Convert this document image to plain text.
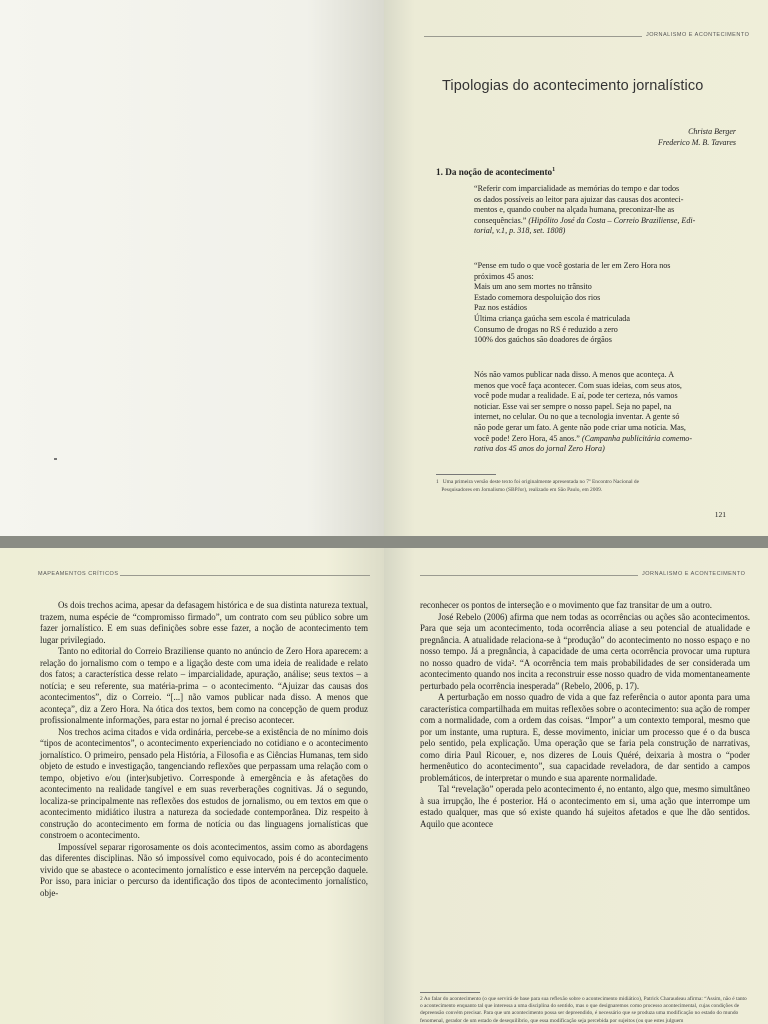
JORNALISMO E ACONTECIMENTO
Tipologias do acontecimento jornalístico
Christa Berger
Frederico M. B. Tavares
1. Da noção de acontecimento$^1$
“Referir com imparcialidade as memórias do tempo e dar todos
os dados possíveis ao leitor para ajuizar das causas dos aconteci-
mentos e, quando couber na alçada humana, preconizar-lhe as
consequências.” (Hipólito José da Costa – Correio Braziliense, Edi-
torial, v.1, p. 318, set. 1808)
“Pense em tudo o que você gostaria de ler em Zero Hora nos
próximos 45 anos:
Mais um ano sem mortes no trânsito
Estado comemora despoluição dos rios
Paz nos estádios
Última criança gaúcha sem escola é matriculada
Consumo de drogas no RS é reduzido a zero
100% dos gaúchos são doadores de órgãos
Nós não vamos publicar nada disso. A menos que aconteça. A
menos que você faça acontecer. Com suas ideias, com seus atos,
você pode mudar a realidade. E aí, pode ter certeza, nós vamos
noticiar. Esse vai ser sempre o nosso papel. Seja no papel, na
internet, no celular. Ou no que a tecnologia inventar. A gente só
não pode gerar um fato. A gente não pode criar uma notícia. Mas,
você pode! Zero Hora, 45 anos.” (Campanha publicitária comemo-
rativa dos 45 anos do jornal Zero Hora)
1   Uma primeira versão deste texto foi originalmente apresentada no 7º Encontro Nacional de
Pesquisadores em Jornalismo (SBPJor), realizado em São Paulo, em 2009.
121
MAPEAMENTOS CRÍTICOS

Os dois trechos acima, apesar da defasagem histórica e de sua distinta natureza textual, trazem, numa espécie de “compromisso firmado”, um contrato com seu público sobre um fazer jornalístico. E em suas definições sobre esse fazer, a noção de acontecimento tem lugar privilegiado.

Tanto no editorial do Correio Braziliense quanto no anúncio de Zero Hora aparecem: a relação do jornalismo com o tempo e a ligação deste com uma ideia de realidade e relato dos fatos; a característica desse relato – imparcialidade, apuração, análise; seus textos – a notícia; e seu referente, sua matéria-prima – o acontecimento. “Ajuizar das causas dos acontecimentos”, diz o Correio. “[...] não vamos publicar nada disso. A menos que aconteça”, diz a Zero Hora. Na ótica dos textos, bem como na concepção de quem produz profissionalmente informações, para estar no jornal é preciso acontecer.

Nos trechos acima citados e vida ordinária, percebe-se a existência de no mínimo dois “tipos de acontecimentos”, o acontecimento experienciado no cotidiano e o acontecimento jornalístico. O primeiro, pensado pela História, a Filosofia e as Ciências Humanas, tem sido objeto de estudo e investigação, tangenciando reflexões que perpassam uma relação com o tempo, objetivo e/ou (inter)subjetivo. Corresponde à emergência e às afetações do acontecimento na realidade tangível e em suas reverberações cognitivas. Já o segundo, localiza-se principalmente nas reflexões dos estudos de jornalismo, ou em textos em que o acontecimento midiático ilustra a natureza da sociedade contemporânea. Diz respeito à construção do acontecimento em forma de notícia ou das linguagens jornalísticas que constroem o acontecimento.

Impossível separar rigorosamente os dois acontecimentos, assim como as abordagens das diferentes disciplinas. Não só impossível como equivocado, pois é do acontecimento vivido que se abastece o acontecimento jornalístico e esse intervém na percepção daquele. Por isso, para iniciar o percurso da identificação dos tipos de acontecimento jornalístico, obje-

JORNALISMO E ACONTECIMENTO

reconhecer os pontos de interseção e o movimento que faz transitar de um a outro.

José Rebelo (2006) afirma que nem todas as ocorrências ou ações são acontecimentos. Para que seja um acontecimento, toda ocorrência aliase a seu potencial de atualidade e pregnância. A atualidade relaciona-se à “produção” do acontecimento no nosso espaço e no nosso tempo. Já a pregnância, à capacidade de uma certa ocorrência provocar uma ruptura no nosso quadro de vida². “A ocorrência tem mais probabilidades de ser considerada um acontecimento quando nos incita a reconstruir esse nosso quadro de vida momentaneamente perturbado pela ocorrência inesperada” (Rebelo, 2006, p. 17).

A perturbação em nosso quadro de vida a que faz referência o autor aponta para uma característica compartilhada em muitas reflexões sobre o acontecimento: sua ação de romper com a normalidade, com a ordem das coisas. “Impor” a um contexto temporal, mesmo que por um instante, uma ruptura. E, desse movimento, iniciar um processo que é o da busca pelo sentido, pela explicação. Uma operação que se faria pela construção de narrativas, como diria Paul Ricouer, e, nos dizeres de Louis Quéré, deixaria à mostra o “poder hermenêutico do acontecimento”, sua capacidade reveladora, de dar sentido a campos problemáticos, de interpretar o mundo e sua aparente normalidade.

Tal “revelação” operada pelo acontecimento é, no entanto, algo que, mesmo simultâneo à sua irrupção, lhe é posterior. Há o acontecimento em si, uma ação que interrompe um estado qualquer, mas que só existe quando há sujeitos afetados e que lhe dão sentidos. Aquilo que acontece

2 Ao falar do acontecimento (o que servirá de base para sua reflexão sobre o acontecimento midiático), Patrick Charaudeau afirma: “Assim, não é tanto o acontecimento enquanto tal que interessa a uma disciplina do sentido, mas o que designaremos como processo acontecimental, cujas condições de depreensão convém precisar. Para que um acontecimento possa ser depreendido, é necessário que se produza uma modificação no estado do mundo fenomenal, gerador de um estado de desequilíbrio, que essa modificação seja percebida por sujeitos (ou que estes julguem
